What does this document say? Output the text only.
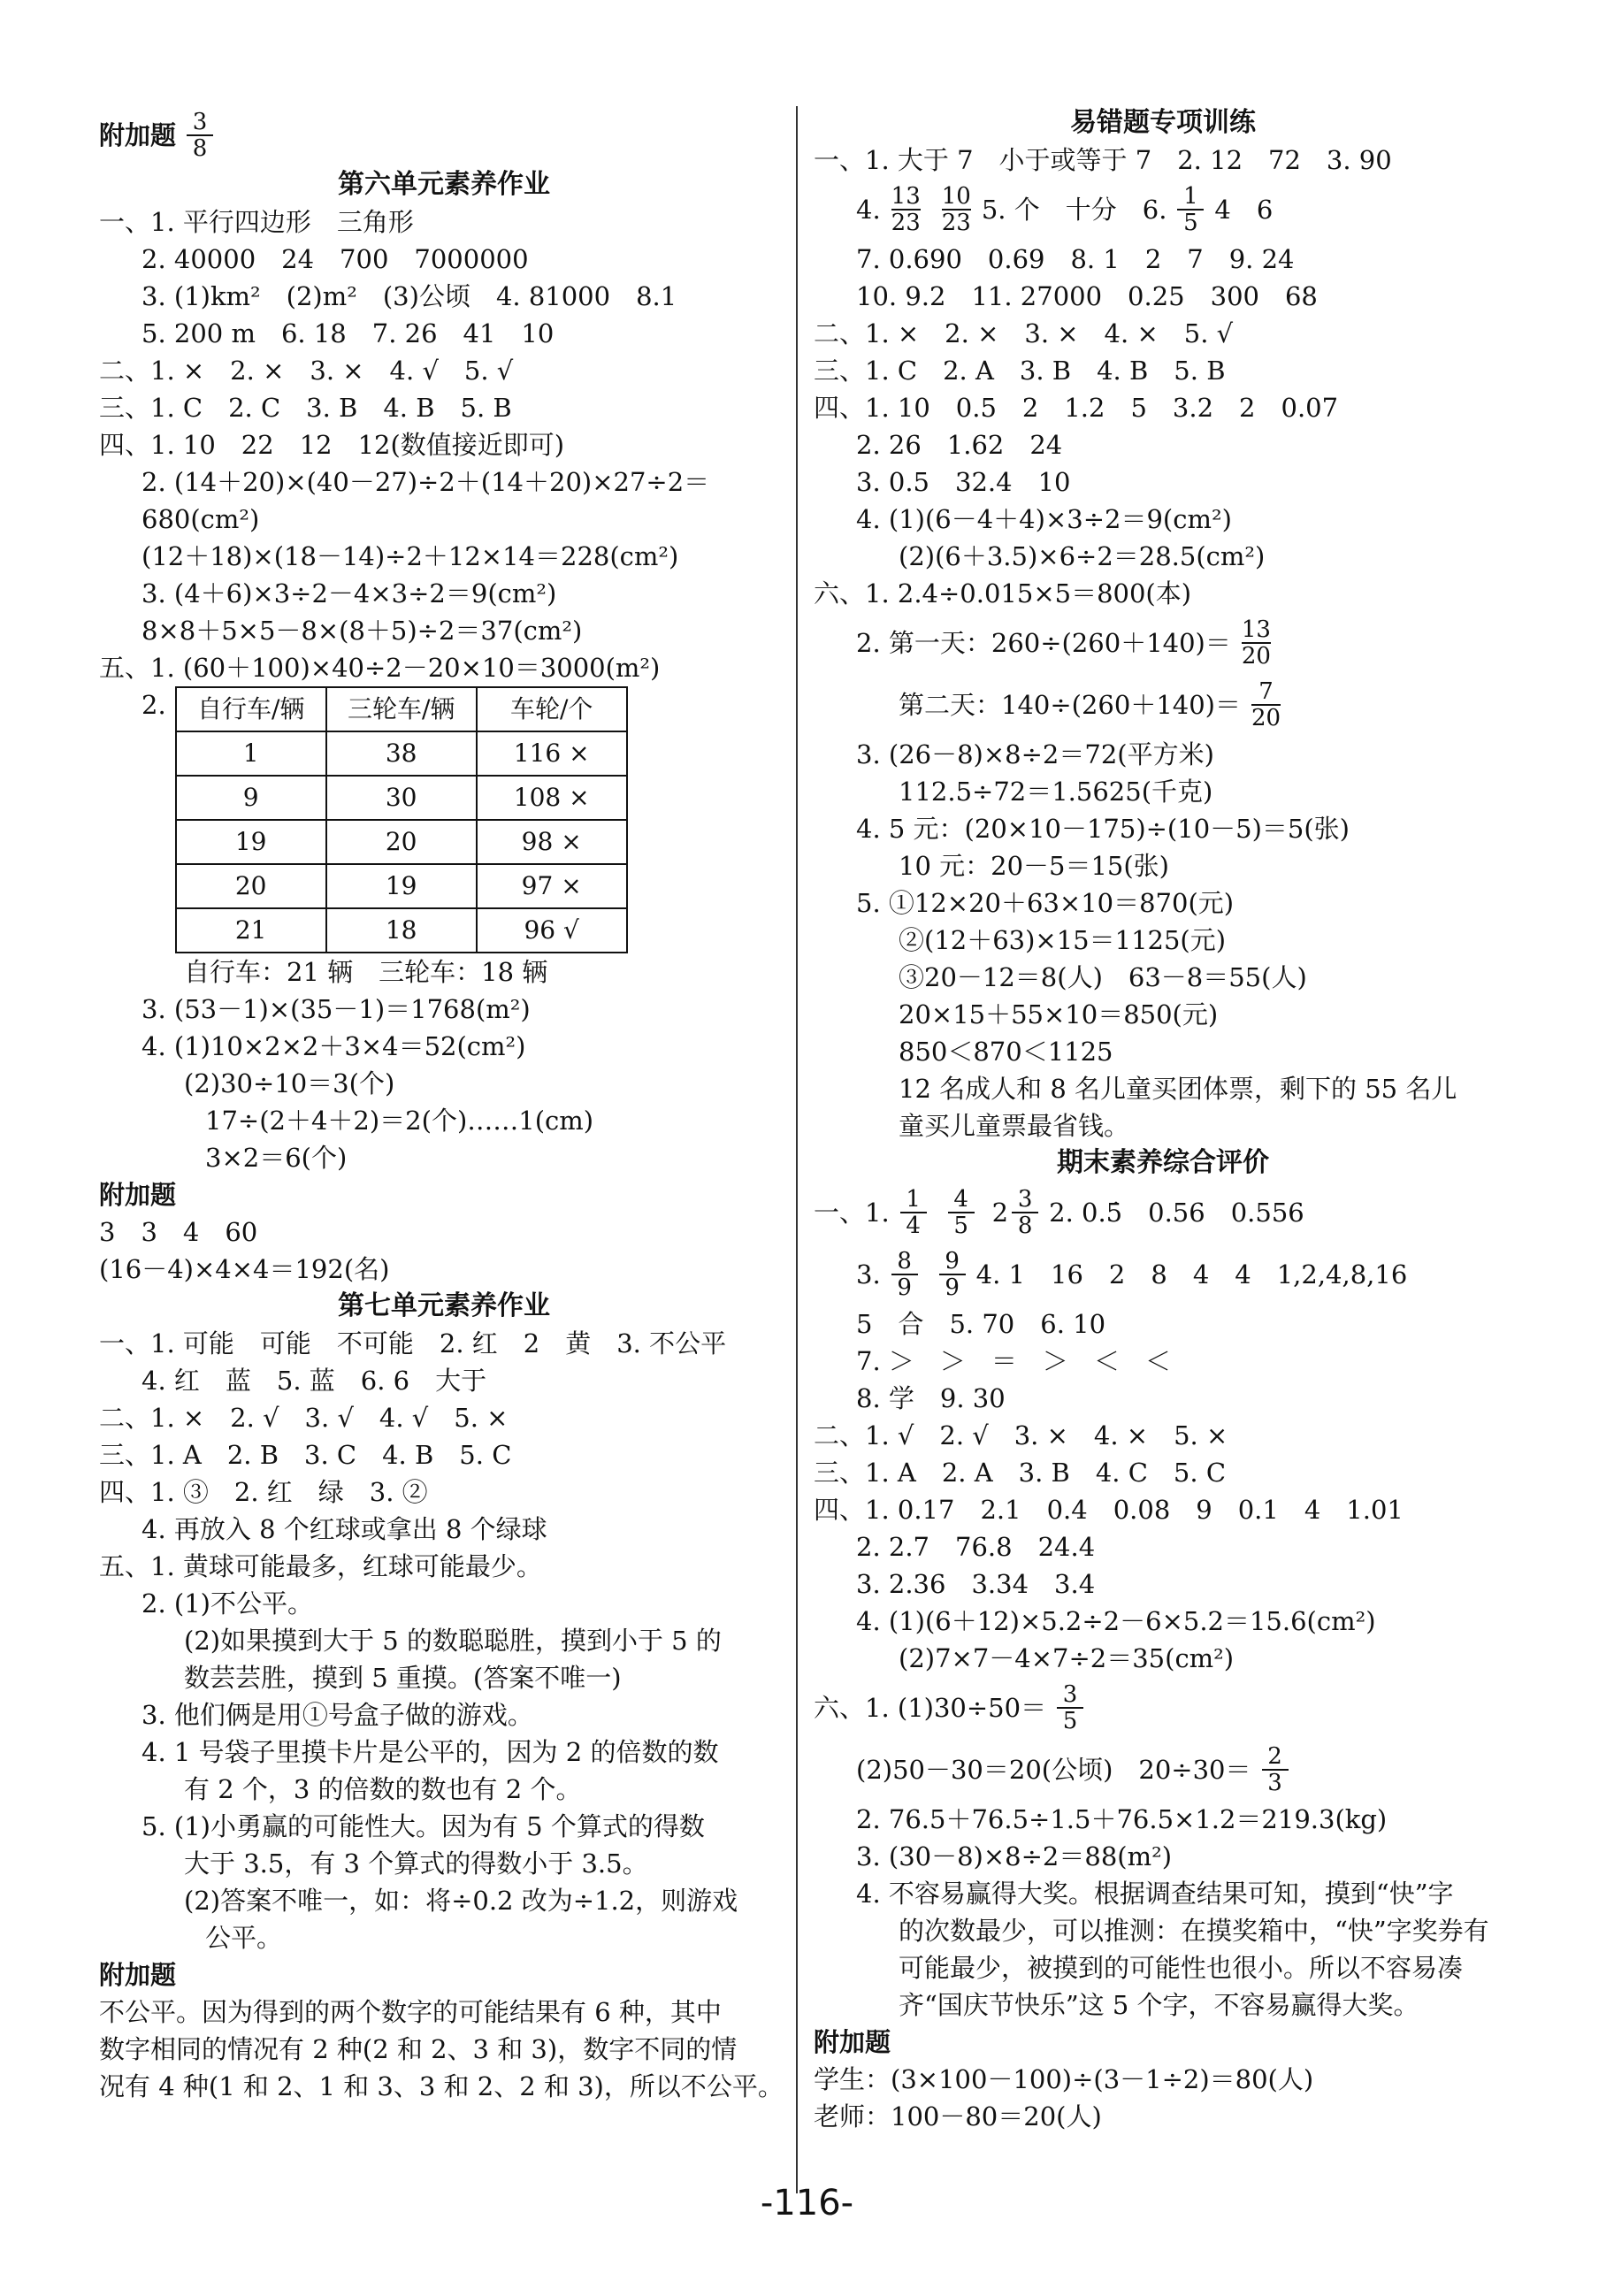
附加题 $\frac{3}{8}$
第六单元素养作业
一、1. 平行四边形　三角形
2. 40000　24　700　7000000
3. (1)km²　(2)m²　(3)公顷　4. 81000　8.1
5. 200 m　6. 18　7. 26　41　10
二、1. ×　2. ×　3. ×　4. √　5. √
三、1. C　2. C　3. B　4. B　5. B
四、1. 10　22　12　12(数值接近即可)
2. (14＋20)×(40－27)÷2＋(14＋20)×27÷2＝
680(cm²)
(12＋18)×(18－14)÷2＋12×14＝228(cm²)
3. (4＋6)×3÷2－4×3÷2＝9(cm²)
8×8＋5×5－8×(8＋5)÷2＝37(cm²)
五、1. (60＋100)×40÷2－20×10＝3000(m²)
2. 自行车/辆	三轮车/辆	车轮/个
1	38	116 ×
9	30	108 ×
19	20	98 ×
20	19	97 ×
21	18	96 √
自行车：21 辆　三轮车：18 辆
3. (53－1)×(35－1)＝1768(m²)
4. (1)10×2×2＋3×4＝52(cm²)
(2)30÷10＝3(个)
17÷(2＋4＋2)＝2(个)……1(cm)
3×2＝6(个)
附加题
3　3　4　60
(16－4)×4×4＝192(名)
第七单元素养作业
一、1. 可能　可能　不可能　2. 红　2　黄　3. 不公平
4. 红　蓝　5. 蓝　6. 6　大于
二、1. ×　2. √　3. √　4. √　5. ×
三、1. A　2. B　3. C　4. B　5. C
四、1. ③　2. 红　绿　3. ②
4. 再放入 8 个红球或拿出 8 个绿球
五、1. 黄球可能最多，红球可能最少。
2. (1)不公平。
(2)如果摸到大于 5 的数聪聪胜，摸到小于 5 的
数芸芸胜，摸到 5 重摸。(答案不唯一)
3. 他们俩是用①号盒子做的游戏。
4. 1 号袋子里摸卡片是公平的，因为 2 的倍数的数
有 2 个，3 的倍数的数也有 2 个。
5. (1)小勇赢的可能性大。因为有 5 个算式的得数
大于 3.5，有 3 个算式的得数小于 3.5。
(2)答案不唯一，如：将÷0.2 改为÷1.2，则游戏
公平。
附加题
不公平。因为得到的两个数字的可能结果有 6 种，其中
数字相同的情况有 2 种(2 和 2、3 和 3)，数字不同的情
况有 4 种(1 和 2、1 和 3、3 和 2、2 和 3)，所以不公平。
易错题专项训练
一、1. 大于 7　小于或等于 7　2. 12　72　3. 90
4. $\frac{13}{23} \frac{10}{23} 5$. 个　十分　6. $\frac{1}{5} 4$　6
7. 0.690　0.69　8. 1　2　7　9. 24
10. 9.2　11. 27000　0.25　300　68
二、1. ×　2. ×　3. ×　4. ×　5. √
三、1. C　2. A　3. B　4. B　5. B
四、1. 10　0.5　2　1.2　5　3.2　2　0.07
2. 26　1.62　24
3. 0.5　32.4　10
4. (1)(6－4＋4)×3÷2＝9(cm²)
(2)(6＋3.5)×6÷2＝28.5(cm²)
六、1. 2.4÷0.015×5＝800(本)
2. 第一天：$260\div(260+140)= \frac{13}{20}$
第二天：$140\div(260+140)= \frac{7}{20}$
3. (26－8)×8÷2＝72(平方米)
112.5÷72＝1.5625(千克)
4. 5 元：(20×10－175)÷(10－5)＝5(张)
10 元：20－5＝15(张)
5. ①12×20＋63×10＝870(元)
②(12＋63)×15＝1125(元)
③20－12＝8(人)　63－8＝55(人)
20×15＋55×10＝850(元)
850＜870＜1125
12 名成人和 8 名儿童买团体票，剩下的 55 名儿
童买儿童票最省钱。
期末素养综合评价
一、1. $\frac{1}{4} \frac{4}{5} 2 \frac{3}{8} 2$. 0.5̇　0.56　0.556
3. $\frac{8}{9} \frac{9}{9} 4$. 1　16　2　8　4　4　1,2,4,8,16
5　合　5. 70　6. 10
7. ＞　＞　＝　＞　＜　＜
8. 学　9. 30
二、1. √　2. √　3. ×　4. ×　5. ×
三、1. A　2. A　3. B　4. C　5. C
四、1. 0.17　2.1　0.4　0.08　9　0.1　4　1.01
2. 2.7　76.8　24.4
3. 2.36　3.34　3.4
4. (1)(6＋12)×5.2÷2－6×5.2＝15.6(cm²)
(2)7×7－4×7÷2＝35(cm²)
六、1. $(1)30\div 50= \frac{3}{5}$
(2)50－30＝20(公顷)　$20\div 30= \frac{2}{3}$
2. 76.5＋76.5÷1.5＋76.5×1.2＝219.3(kg)
3. (30－8)×8÷2＝88(m²)
4. 不容易赢得大奖。根据调查结果可知，摸到“快”字
的次数最少，可以推测：在摸奖箱中，“快”字奖券有
可能最少，被摸到的可能性也很小。所以不容易凑
齐“国庆节快乐”这 5 个字，不容易赢得大奖。
附加题
学生：(3×100－100)÷(3－1÷2)＝80(人)
老师：100－80＝20(人)
-116-
